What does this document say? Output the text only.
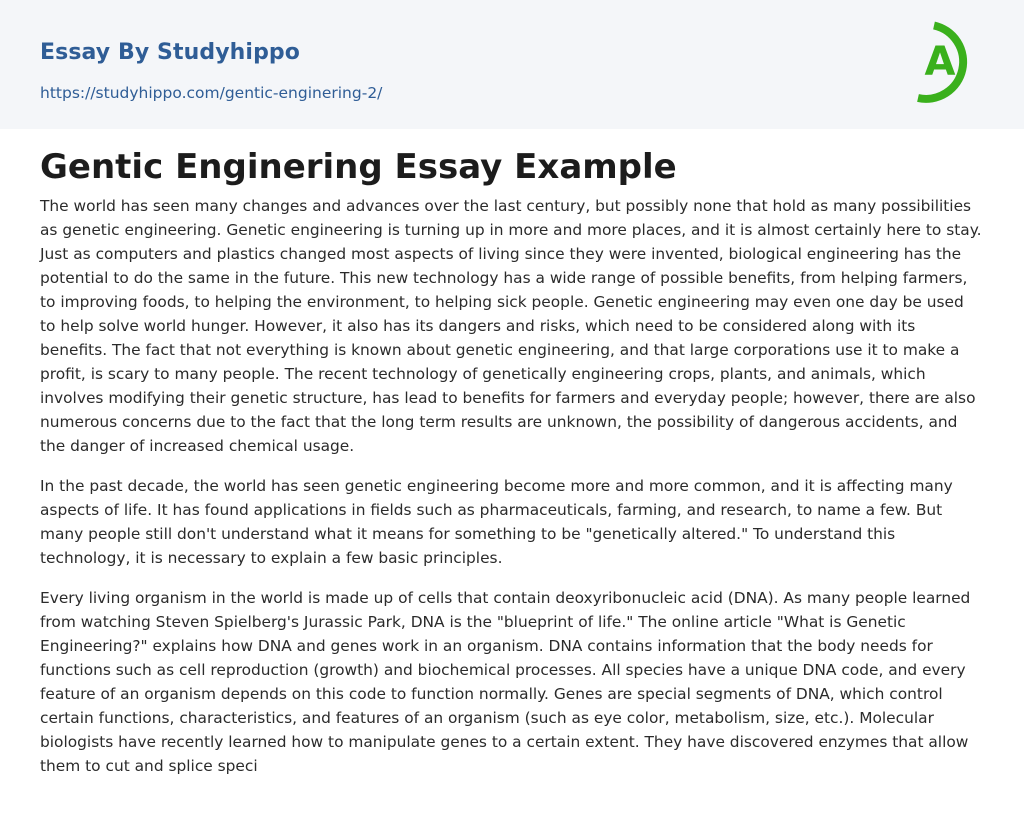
Essay By Studyhippo
https://studyhippo.com/gentic-enginering-2/
A
Gentic Enginering Essay Example

The world has seen many changes and advances over the last century, but possibly none that hold as many possibilities as genetic engineering. Genetic engineering is turning up in more and more places, and it is almost certainly here to stay. Just as computers and plastics changed most aspects of living since they were invented, biological engineering has the potential to do the same in the future. This new technology has a wide range of possible benefits, from helping farmers, to improving foods, to helping the environment, to helping sick people. Genetic engineering may even one day be used to help solve world hunger. However, it also has its dangers and risks, which need to be considered along with its benefits. The fact that not everything is known about genetic engineering, and that large corporations use it to make a profit, is scary to many people. The recent technology of genetically engineering crops, plants, and animals, which involves modifying their genetic structure, has lead to benefits for farmers and everyday people; however, there are also numerous concerns due to the fact that the long term results are unknown, the possibility of dangerous accidents, and the danger of increased chemical usage.

In the past decade, the world has seen genetic engineering become more and more common, and it is affecting many aspects of life. It has found applications in fields such as pharmaceuticals, farming, and research, to name a few. But many people still don't understand what it means for something to be "genetically altered." To understand this technology, it is necessary to explain a few basic principles.

Every living organism in the world is made up of cells that contain deoxyribonucleic acid (DNA). As many people learned from watching Steven Spielberg's Jurassic Park, DNA is the "blueprint of life." The online article "What is Genetic Engineering?" explains how DNA and genes work in an organism. DNA contains information that the body needs for functions such as cell reproduction (growth) and biochemical processes. All species have a unique DNA code, and every feature of an organism depends on this code to function normally. Genes are special segments of DNA, which control certain functions, characteristics, and features of an organism (such as eye color, metabolism, size, etc.). Molecular biologists have recently learned how to manipulate genes to a certain extent. They have discovered enzymes that allow them to cut and splice speci
